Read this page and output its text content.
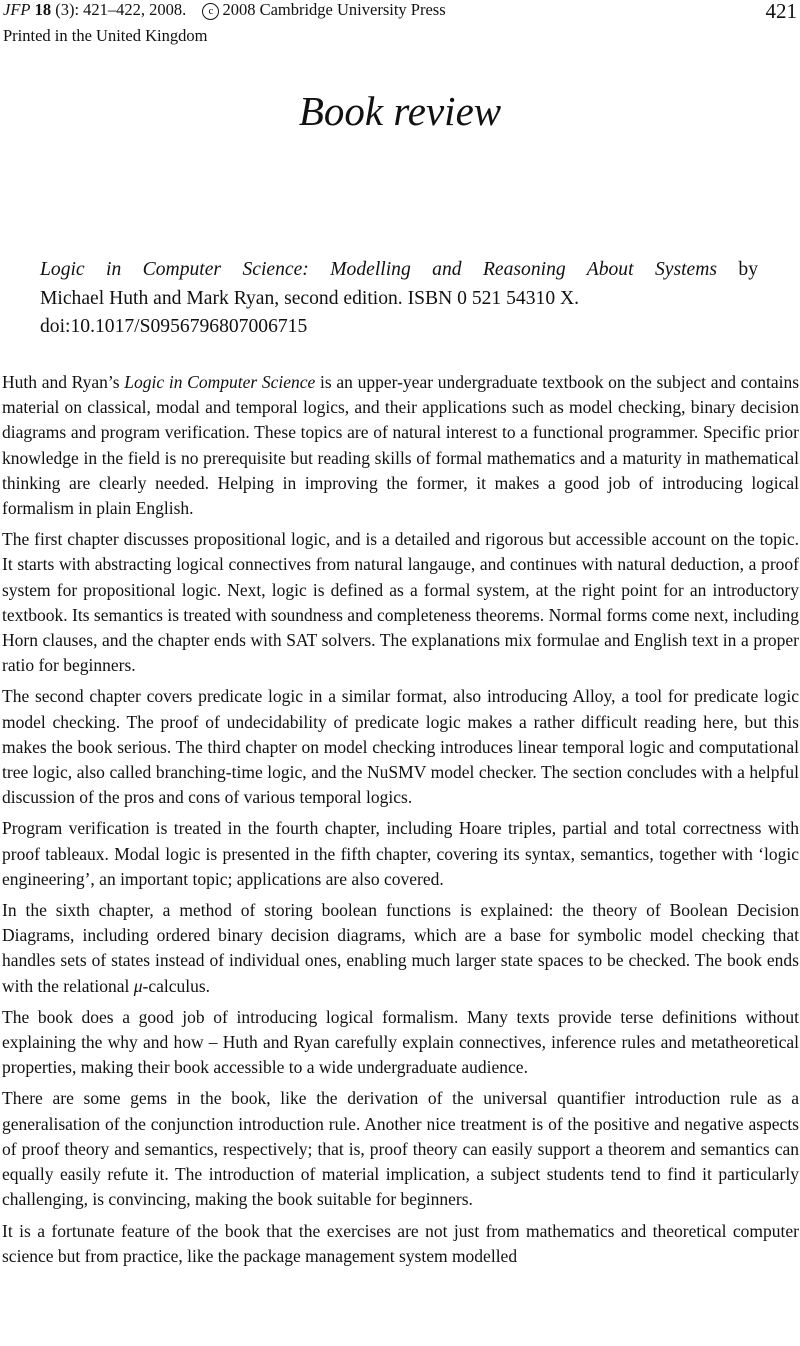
JFP 18 (3): 421–422, 2008. c 2008 Cambridge University Press
Printed in the United Kingdom
421
Book review
Logic in Computer Science: Modelling and Reasoning About Systems by
Michael Huth and Mark Ryan, second edition. ISBN 0 521 54310 X.
doi:10.1017/S0956796807006715

Huth and Ryan’s Logic in Computer Science is an upper-year undergraduate textbook on the subject and contains material on classical, modal and temporal logics, and their applications such as model checking, binary decision diagrams and program verification. These topics are of natural interest to a functional programmer. Specific prior knowledge in the field is no prerequisite but reading skills of formal mathematics and a maturity in mathematical thinking are clearly needed. Helping in improving the former, it makes a good job of introducing logical formalism in plain English.

The first chapter discusses propositional logic, and is a detailed and rigorous but accessible account on the topic. It starts with abstracting logical connectives from natural langauge, and continues with natural deduction, a proof system for propositional logic. Next, logic is defined as a formal system, at the right point for an introductory textbook. Its semantics is treated with soundness and completeness theorems. Normal forms come next, including Horn clauses, and the chapter ends with SAT solvers. The explanations mix formulae and English text in a proper ratio for beginners.

The second chapter covers predicate logic in a similar format, also introducing Alloy, a tool for predicate logic model checking. The proof of undecidability of predicate logic makes a rather difficult reading here, but this makes the book serious. The third chapter on model checking introduces linear temporal logic and computational tree logic, also called branching-time logic, and the NuSMV model checker. The section concludes with a helpful discussion of the pros and cons of various temporal logics.

Program verification is treated in the fourth chapter, including Hoare triples, partial and total correctness with proof tableaux. Modal logic is presented in the fifth chapter, covering its syntax, semantics, together with ‘logic engineering’, an important topic; applications are also covered.

In the sixth chapter, a method of storing boolean functions is explained: the theory of Boolean Decision Diagrams, including ordered binary decision diagrams, which are a base for symbolic model checking that handles sets of states instead of individual ones, enabling much larger state spaces to be checked. The book ends with the relational μ-calculus.

The book does a good job of introducing logical formalism. Many texts provide terse definitions without explaining the why and how – Huth and Ryan carefully explain connectives, inference rules and metatheoretical properties, making their book accessible to a wide undergraduate audience.

There are some gems in the book, like the derivation of the universal quantifier introduction rule as a generalisation of the conjunction introduction rule. Another nice treatment is of the positive and negative aspects of proof theory and semantics, respectively; that is, proof theory can easily support a theorem and semantics can equally easily refute it. The introduction of material implication, a subject students tend to find it particularly challenging, is convincing, making the book suitable for beginners.

It is a fortunate feature of the book that the exercises are not just from mathematics and theoretical computer science but from practice, like the package management system modelled
